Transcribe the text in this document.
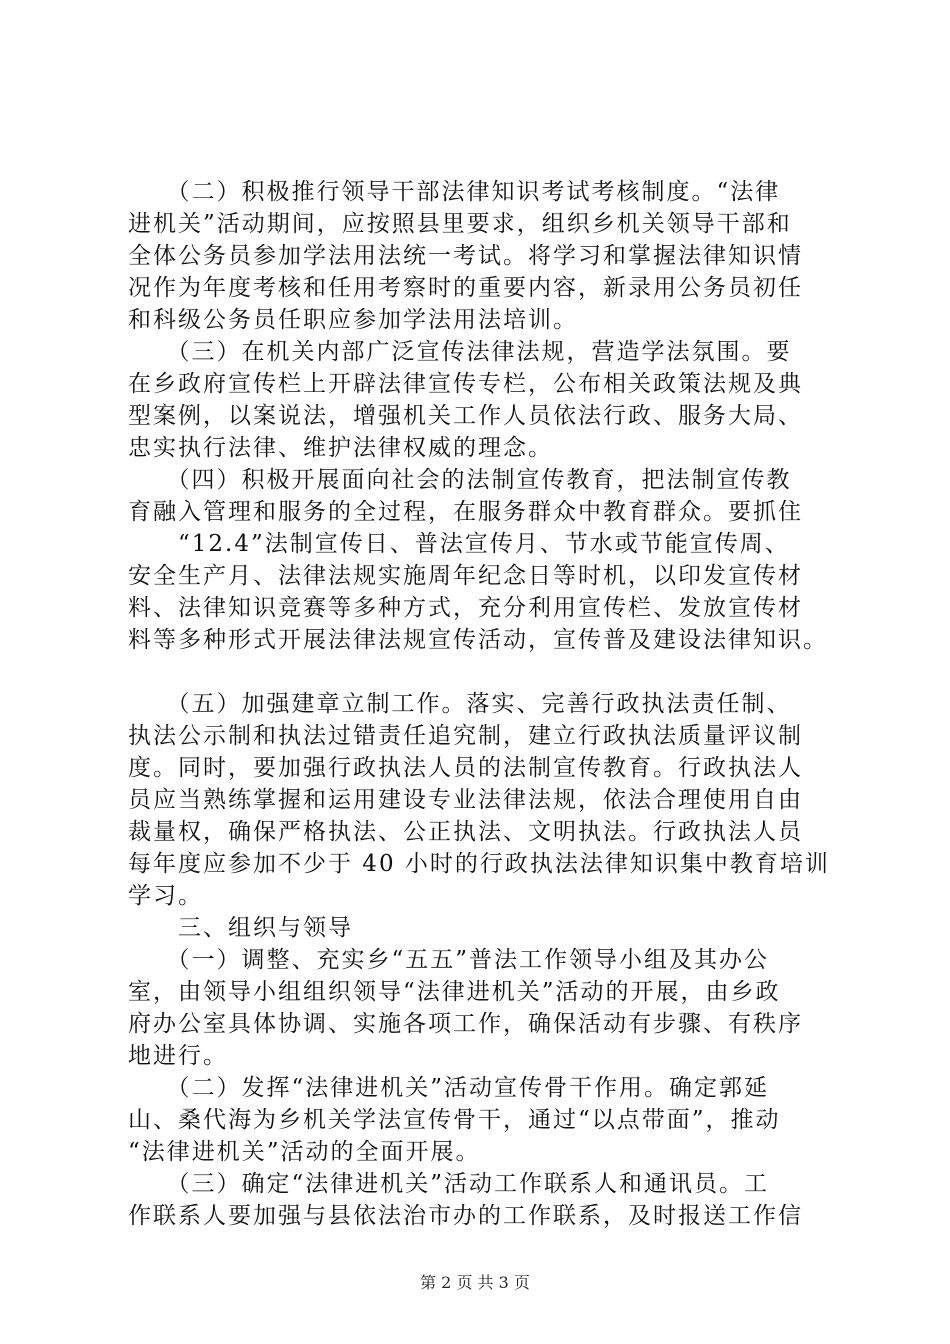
　　（二）积极推行领导干部法律知识考试考核制度。“法律
进机关”活动期间，应按照县里要求，组织乡机关领导干部和
全体公务员参加学法用法统一考试。将学习和掌握法律知识情
况作为年度考核和任用考察时的重要内容，新录用公务员初任
和科级公务员任职应参加学法用法培训。
　　（三）在机关内部广泛宣传法律法规，营造学法氛围。要
在乡政府宣传栏上开辟法律宣传专栏，公布相关政策法规及典
型案例，以案说法，增强机关工作人员依法行政、服务大局、
忠实执行法律、维护法律权威的理念。
　　（四）积极开展面向社会的法制宣传教育，把法制宣传教
育融入管理和服务的全过程，在服务群众中教育群众。要抓住
　　“12.4”法制宣传日、普法宣传月、节水或节能宣传周、
安全生产月、法律法规实施周年纪念日等时机，以印发宣传材
料、法律知识竞赛等多种方式，充分利用宣传栏、发放宣传材
料等多种形式开展法律法规宣传活动，宣传普及建设法律知识。
　　（五）加强建章立制工作。落实、完善行政执法责任制、
执法公示制和执法过错责任追究制，建立行政执法质量评议制
度。同时，要加强行政执法人员的法制宣传教育。行政执法人
员应当熟练掌握和运用建设专业法律法规，依法合理使用自由
裁量权，确保严格执法、公正执法、文明执法。行政执法人员
每年度应参加不少于 40 小时的行政执法法律知识集中教育培训
学习。
　　三、组织与领导
　　（一）调整、充实乡“五五”普法工作领导小组及其办公
室，由领导小组组织领导“法律进机关”活动的开展，由乡政
府办公室具体协调、实施各项工作，确保活动有步骤、有秩序
地进行。
　　（二）发挥“法律进机关”活动宣传骨干作用。确定郭延
山、桑代海为乡机关学法宣传骨干，通过“以点带面”，推动
“法律进机关”活动的全面开展。
　　（三）确定“法律进机关”活动工作联系人和通讯员。工
作联系人要加强与县依法治市办的工作联系，及时报送工作信
第 2 页 共 3 页
